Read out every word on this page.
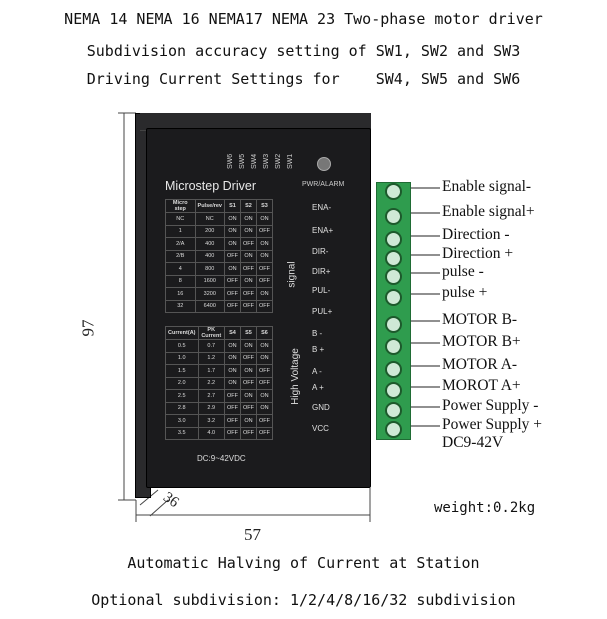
NEMA 14 NEMA 16 NEMA17 NEMA 23 Two-phase motor driver
Subdivision accuracy setting of SW1, SW2 and SW3
Driving Current Settings for    SW4, SW5 and SW6
SW6 SW5 SW4 SW3 SW2 SW1
PWR/ALARM
Microstep Driver
Micro step	Pulse/rev	S1	S2	S3
NC	NC	ON	ON	ON
1	200	ON	ON	OFF
2/A	400	ON	OFF	ON
2/B	400	OFF	ON	ON
4	800	ON	OFF	OFF
8	1600	OFF	ON	OFF
16	3200	OFF	OFF	ON
32	6400	OFF	OFF	OFF
Current(A)	PK Current	S4	S5	S6
0.5	0.7	ON	ON	ON
1.0	1.2	ON	OFF	ON
1.5	1.7	ON	ON	OFF
2.0	2.2	ON	OFF	OFF
2.5	2.7	OFF	ON	ON
2.8	2.9	OFF	OFF	ON
3.0	3.2	OFF	ON	OFF
3.5	4.0	OFF	OFF	OFF
signal
High Voltage
ENA-
ENA+
DIR-
DIR+
PUL-
PUL+
B -
B +
A -
A +
GND
VCC
DC:9~42VDC
Enable signal-
Enable signal+
Direction -
Direction +
pulse -
pulse +
MOTOR B-
MOTOR B+
MOTOR A-
MOROT A+
Power Supply -
Power Supply +
DC9-42V
97
57
36	weight:0.2kg
Automatic Halving of Current at Station
Optional subdivision: 1/2/4/8/16/32 subdivision
